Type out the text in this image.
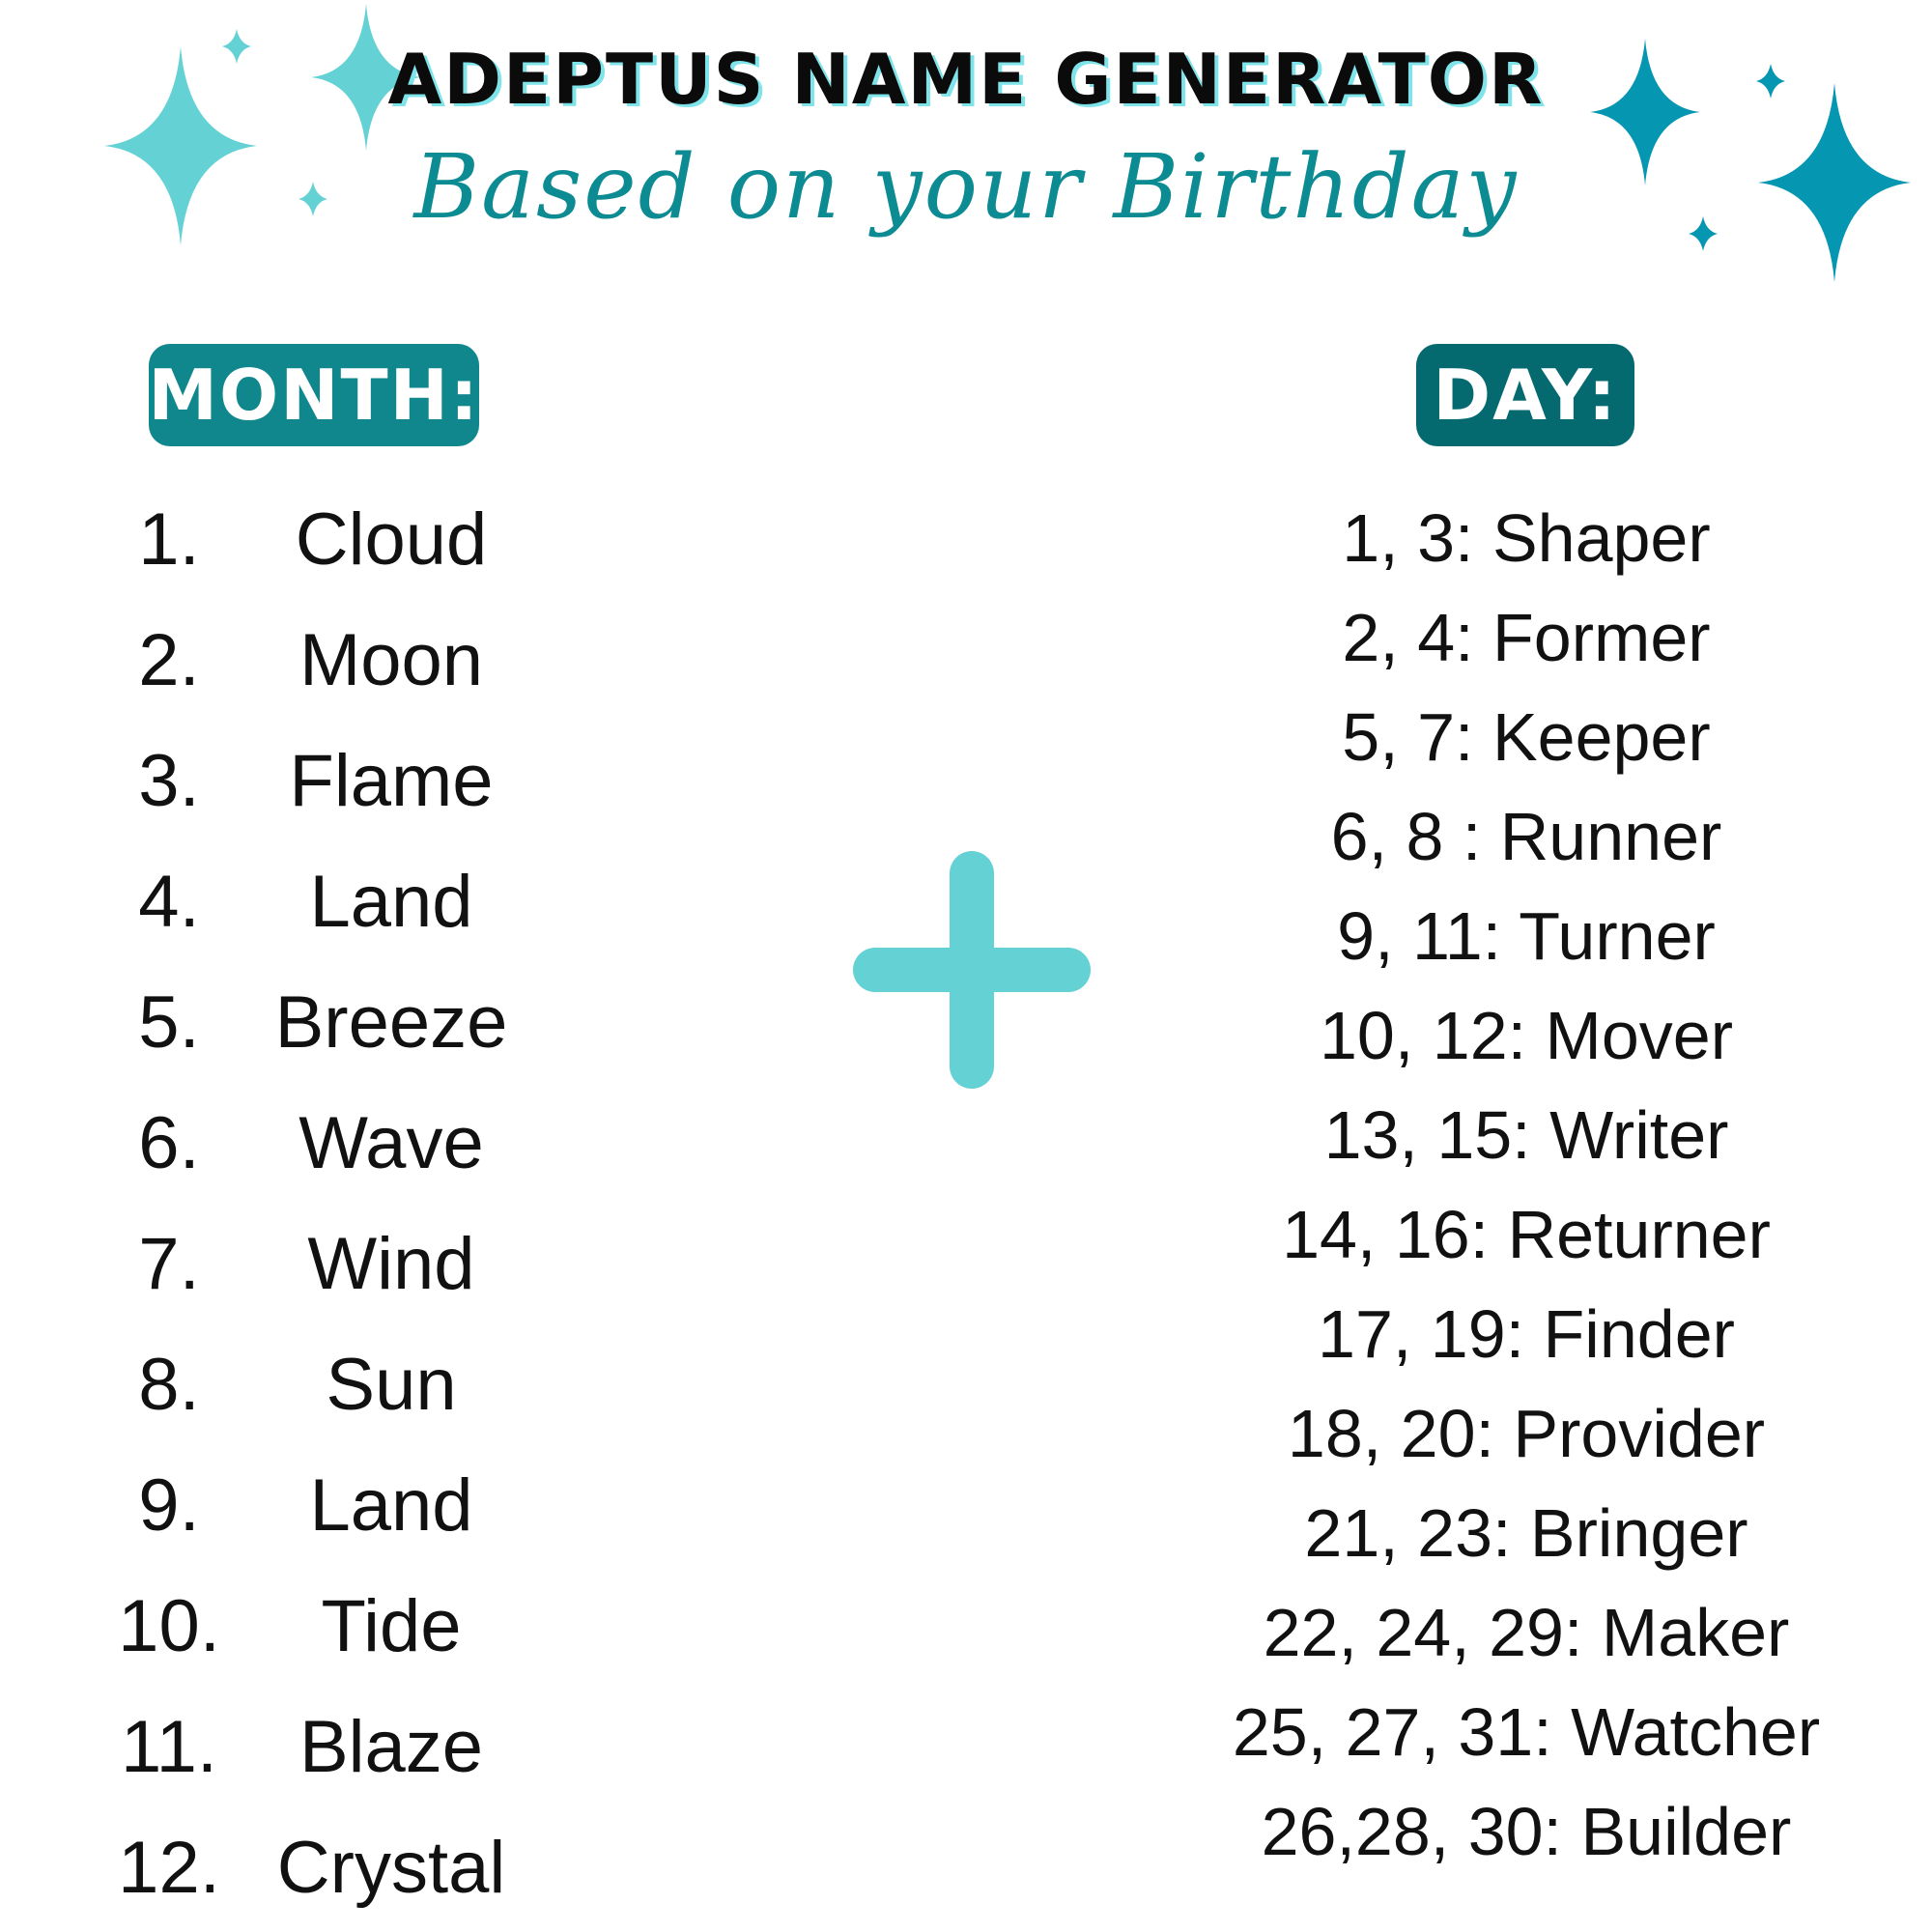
ADEPTUS NAME GENERATOR
Based on your Birthday
MONTH:	DAY:
1.	Cloud
2.	Moon
3.	Flame
4.	Land
5.	Breeze
6.	Wave
7.	Wind
8.	Sun
9.	Land
10.	Tide
11.	Blaze
12. Crystal
1, 3: Shaper
2, 4: Former
5, 7: Keeper
6, 8 : Runner
9, 11: Turner
10, 12: Mover
13, 15: Writer
14, 16: Returner
17, 19: Finder
18, 20: Provider
21, 23: Bringer
22, 24, 29: Maker
25, 27, 31: Watcher
26,28, 30: Builder
